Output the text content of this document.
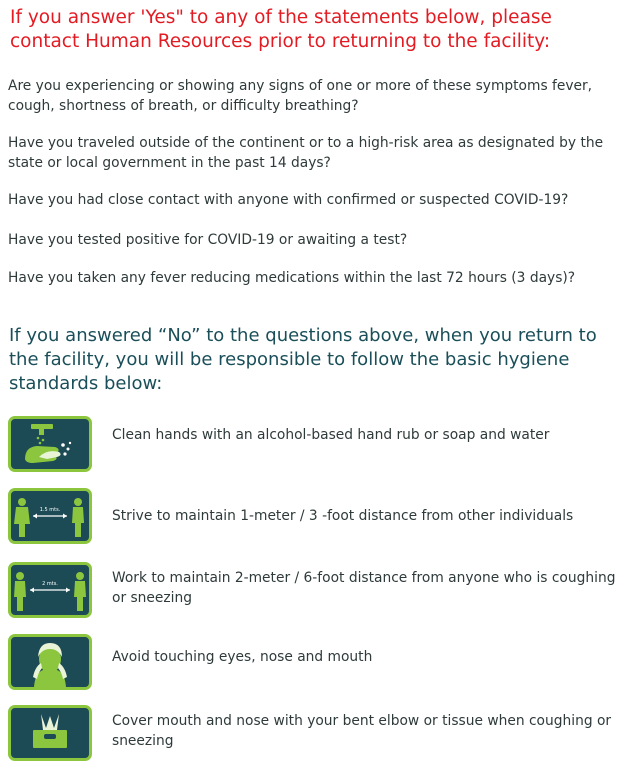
If you answer 'Yes" to any of the statements below, please contact Human Resources prior to returning to the facility:

Are you experiencing or showing any signs of one or more of these symptoms fever, cough, shortness of breath, or difficulty breathing?

Have you traveled outside of the continent or to a high-risk area as designated by the state or local government in the past 14 days?

Have you had close contact with anyone with confirmed or suspected COVID-19?

Have you tested positive for COVID-19 or awaiting a test?

Have you taken any fever reducing medications within the last 72 hours (3 days)?

If you answered “No” to the questions above, when you return to the facility, you will be responsible to follow the basic hygiene standards below:

Clean hands with an alcohol-based hand rub or soap and water
1.5 mts.	Strive to maintain 1-meter / 3 -foot distance from other individuals
2 mts.	Work to maintain 2-meter / 6-foot distance from anyone who is coughing or sneezing
Avoid touching eyes, nose and mouth
Cover mouth and nose with your bent elbow or tissue when coughing or sneezing
